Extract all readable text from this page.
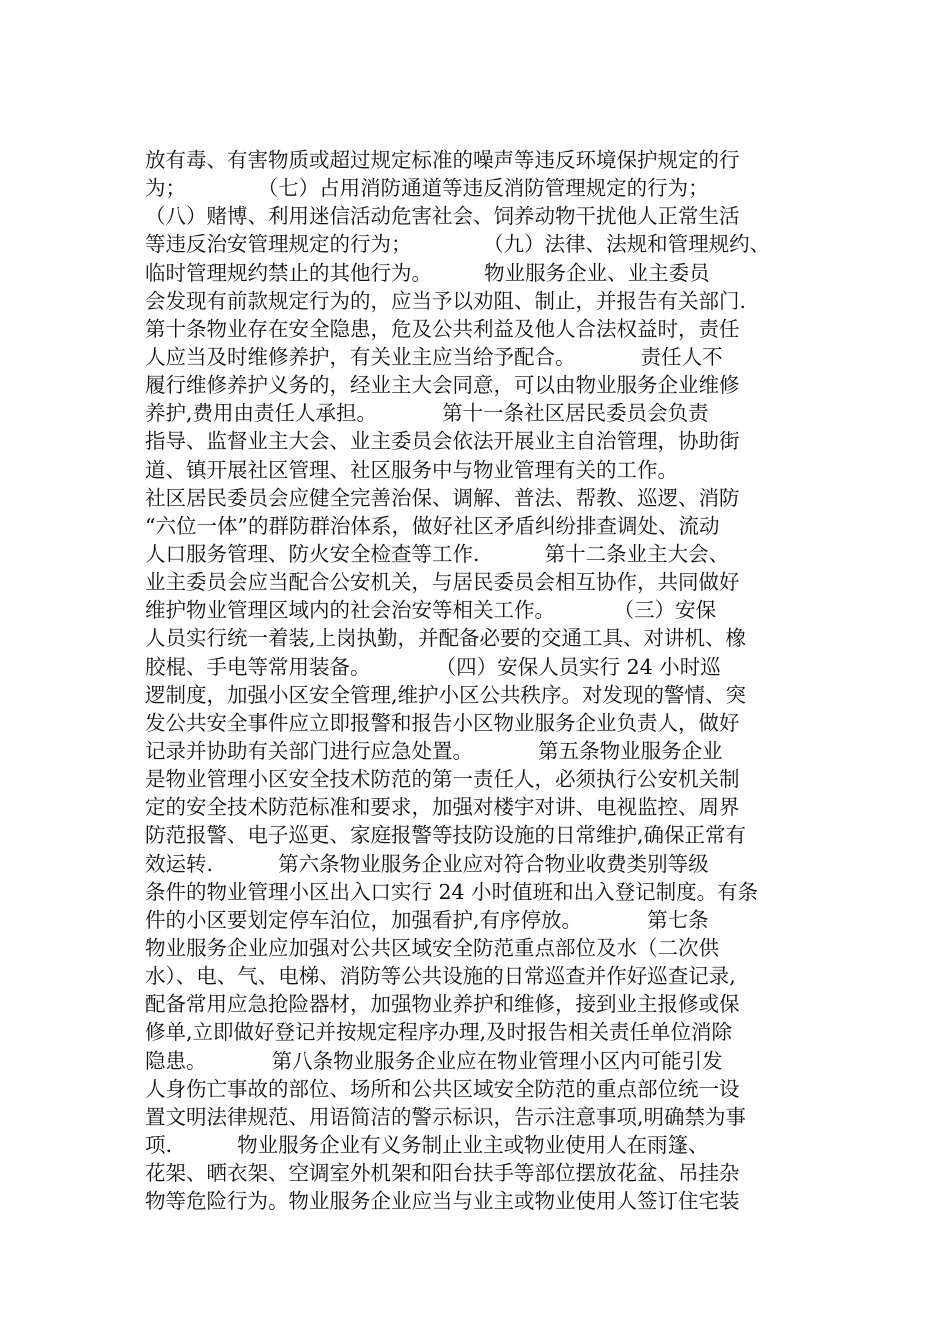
放有毒、有害物质或超过规定标准的噪声等违反环境保护规定的行
为；           （七）占用消防通道等违反消防管理规定的行为；
（八）赌博、利用迷信活动危害社会、饲养动物干扰他人正常生活
等违反治安管理规定的行为；           （九）法律、法规和管理规约、
临时管理规约禁止的其他行为。        物业服务企业、业主委员
会发现有前款规定行为的，应当予以劝阻、制止，并报告有关部门.
第十条物业存在安全隐患，危及公共利益及他人合法权益时，责任
人应当及时维修养护，有关业主应当给予配合。          责任人不
履行维修养护义务的，经业主大会同意，可以由物业服务企业维修
养护,费用由责任人承担。          第十一条社区居民委员会负责
指导、监督业主大会、业主委员会依法开展业主自治管理，协助街
道、镇开展社区管理、社区服务中与物业管理有关的工作。
社区居民委员会应健全完善治保、调解、普法、帮教、巡逻、消防
“六位一体”的群防群治体系，做好社区矛盾纠纷排查调处、流动
人口服务管理、防火安全检查等工作.          第十二条业主大会、
业主委员会应当配合公安机关，与居民委员会相互协作，共同做好
维护物业管理区域内的社会治安等相关工作。         （三）安保
人员实行统一着装,上岗执勤，并配备必要的交通工具、对讲机、橡
胶棍、手电等常用装备。          （四）安保人员实行 24 小时巡
逻制度，加强小区安全管理,维护小区公共秩序。对发现的警情、突
发公共安全事件应立即报警和报告小区物业服务企业负责人，做好
记录并协助有关部门进行应急处置。          第五条物业服务企业
是物业管理小区安全技术防范的第一责任人，必须执行公安机关制
定的安全技术防范标准和要求，加强对楼宇对讲、电视监控、周界
防范报警、电子巡更、家庭报警等技防设施的日常维护,确保正常有
效运转.          第六条物业服务企业应对符合物业收费类别等级
条件的物业管理小区出入口实行 24 小时值班和出入登记制度。有条
件的小区要划定停车泊位，加强看护,有序停放。          第七条
物业服务企业应加强对公共区域安全防范重点部位及水（二次供
水）、电、气、电梯、消防等公共设施的日常巡查并作好巡查记录,
配备常用应急抢险器材，加强物业养护和维修，接到业主报修或保
修单,立即做好登记并按规定程序办理,及时报告相关责任单位消除
隐患。          第八条物业服务企业应在物业管理小区内可能引发
人身伤亡事故的部位、场所和公共区域安全防范的重点部位统一设
置文明法律规范、用语简洁的警示标识，告示注意事项,明确禁为事
项.          物业服务企业有义务制止业主或物业使用人在雨篷、
花架、晒衣架、空调室外机架和阳台扶手等部位摆放花盆、吊挂杂
物等危险行为。物业服务企业应当与业主或物业使用人签订住宅装
